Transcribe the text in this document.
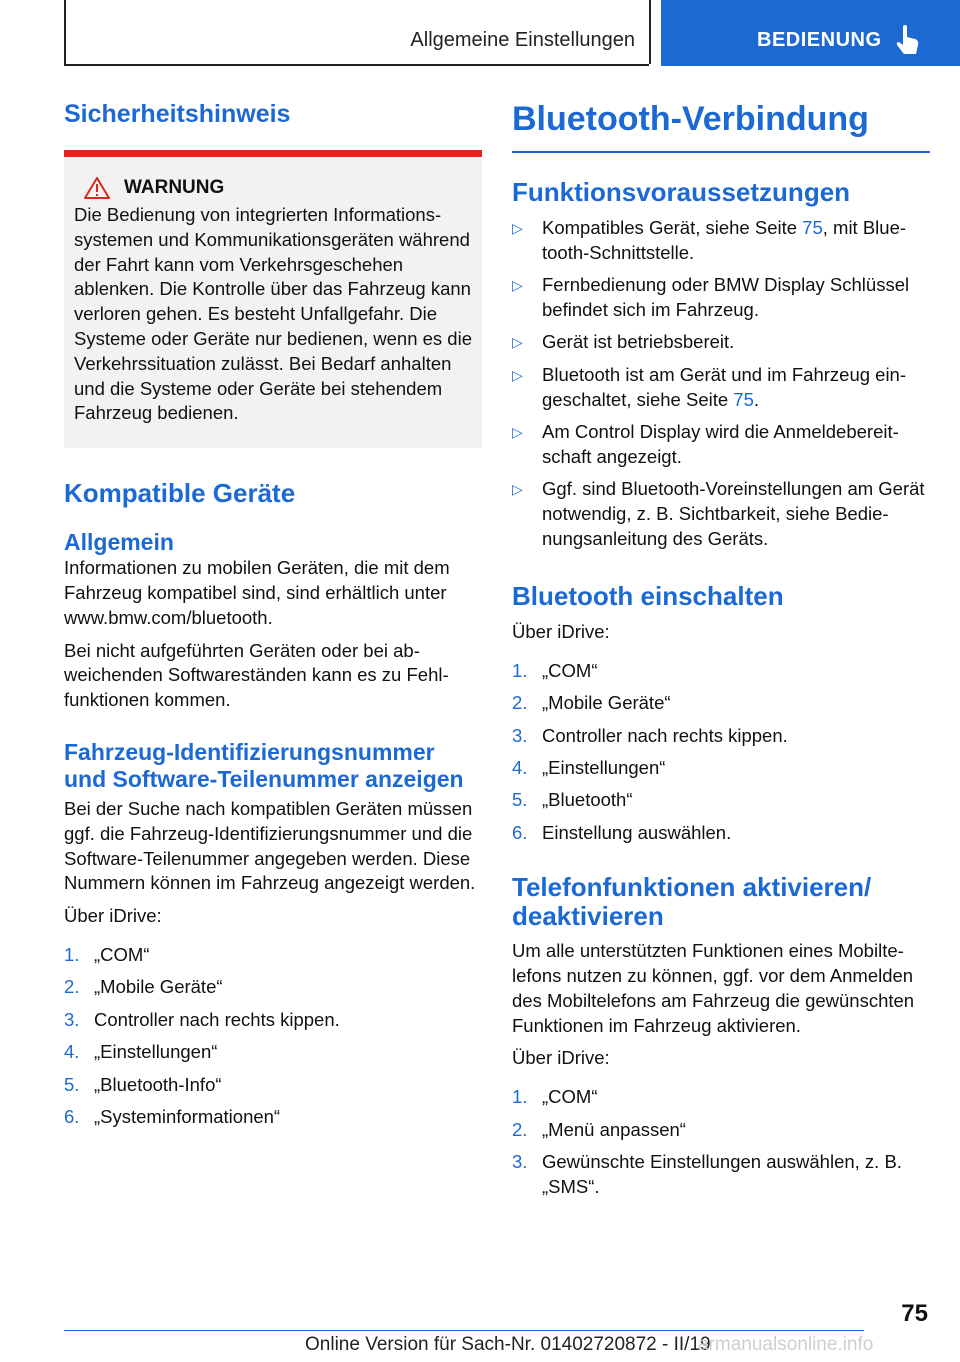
Allgemeine Einstellungen	BEDIENUNG
Sicherheitshinweis
WARNUNG
Die Bedienung von integrierten Informationssystemen und Kommunikationsgeräten während der Fahrt kann vom Verkehrsgeschehen ablenken. Die Kontrolle über das Fahrzeug kann verloren gehen. Es besteht Unfallgefahr. Die Systeme oder Geräte nur bedienen, wenn es die Verkehrssituation zulässt. Bei Bedarf anhalten und die Systeme oder Geräte bei stehendem Fahrzeug bedienen.
Kompatible Geräte
Allgemein

Informationen zu mobilen Geräten, die mit dem Fahrzeug kompatibel sind, sind erhältlich unter www.bmw.com/bluetooth.

Bei nicht aufgeführten Geräten oder bei abweichenden Softwareständen kann es zu Fehlfunktionen kommen.

Fahrzeug-Identifizierungsnummer und Software-Teilenummer anzeigen

Bei der Suche nach kompatiblen Geräten müssen ggf. die Fahrzeug-Identifizierungsnummer und die Software-Teilenummer angegeben werden. Diese Nummern können im Fahrzeug angezeigt werden.

Über iDrive:

1. „COM“
2. „Mobile Geräte“
3. Controller nach rechts kippen.
4. „Einstellungen“
5. „Bluetooth-Info“
6. „Systeminformationen“
Bluetooth-Verbindung
Funktionsvoraussetzungen
▷	Kompatibles Gerät, siehe Seite 75, mit Bluetooth-Schnittstelle.
▷	Fernbedienung oder BMW Display Schlüssel befindet sich im Fahrzeug.
▷	Gerät ist betriebsbereit.
▷	Bluetooth ist am Gerät und im Fahrzeug eingeschaltet, siehe Seite 75.
▷	Am Control Display wird die Anmeldebereitschaft angezeigt.
▷	Ggf. sind Bluetooth-Voreinstellungen am Gerät notwendig, z. B. Sichtbarkeit, siehe Bedienungsanleitung des Geräts.
Bluetooth einschalten

Über iDrive:

1. „COM“
2. „Mobile Geräte“
3. Controller nach rechts kippen.
4. „Einstellungen“
5. „Bluetooth“
6. Einstellung auswählen.
Telefonfunktionen aktivieren/ deaktivieren

Um alle unterstützten Funktionen eines Mobiltelefons nutzen zu können, ggf. vor dem Anmelden des Mobiltelefons am Fahrzeug die gewünschten Funktionen im Fahrzeug aktivieren.

Über iDrive:

1. „COM“
2. „Menü anpassen“
3. Gewünschte Einstellungen auswählen, z. B. „SMS“.
75
Online Version für Sach-Nr. 01402720872 - II/19
armanualsonline.info
